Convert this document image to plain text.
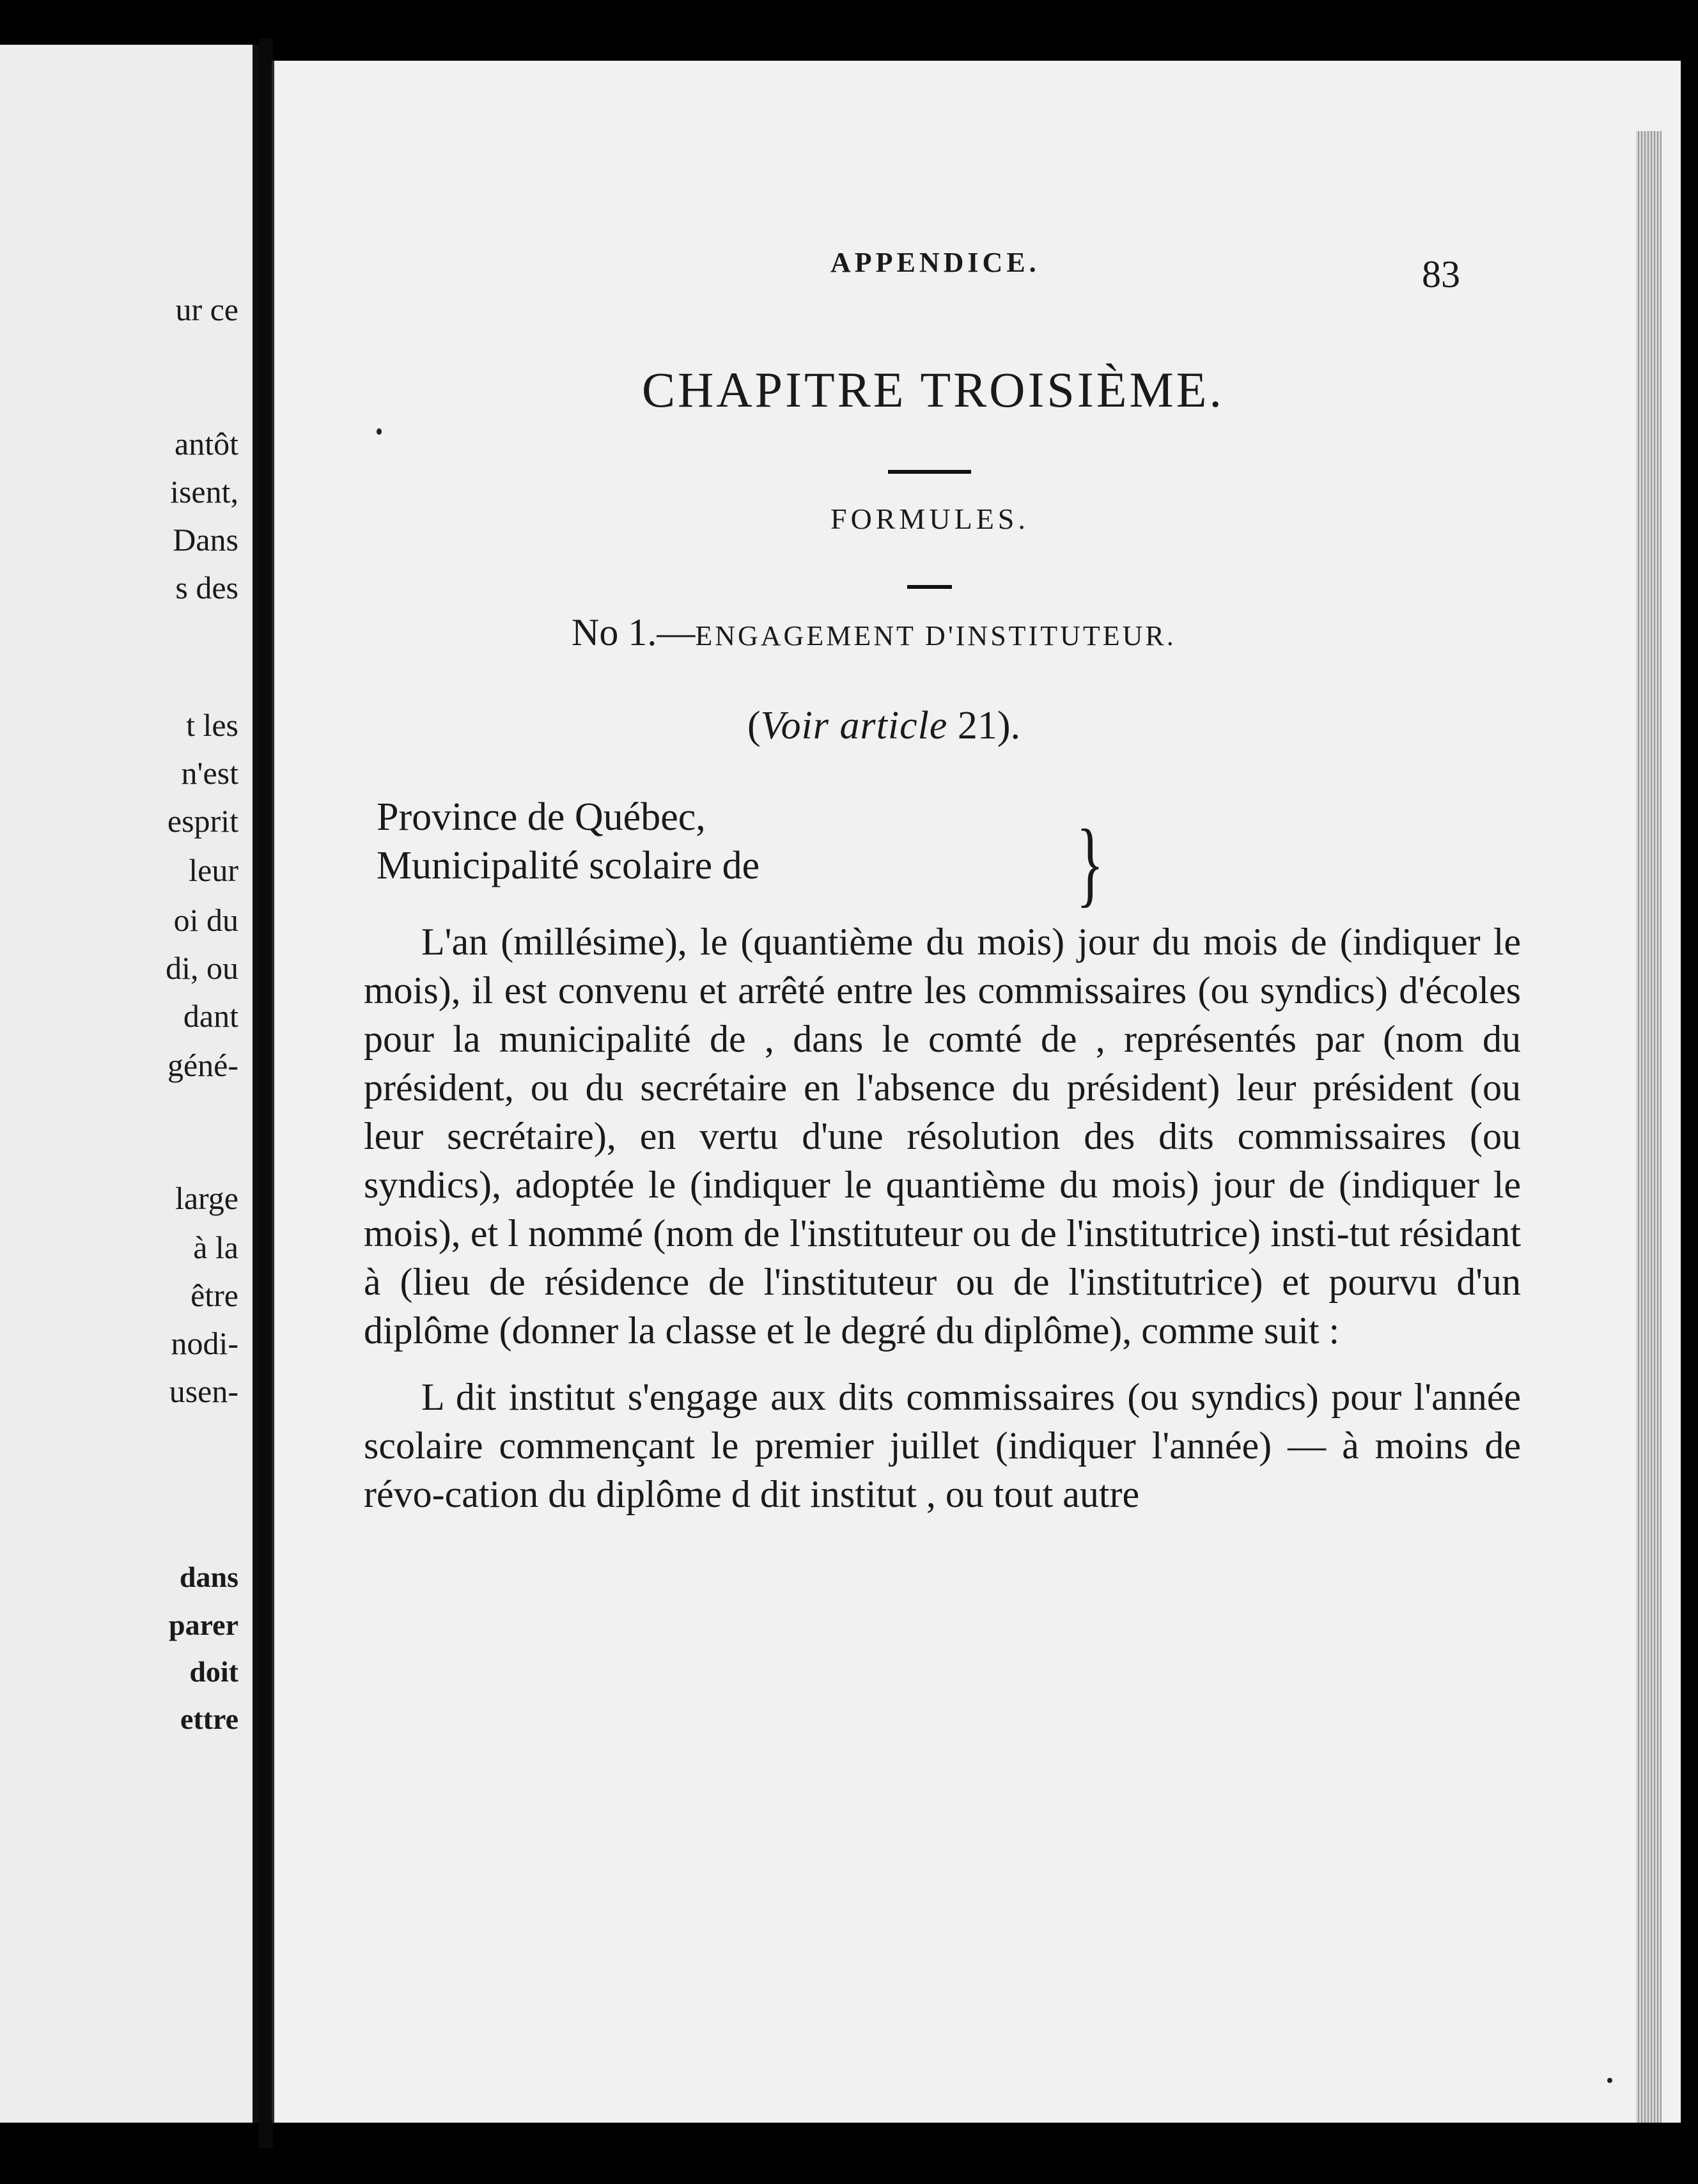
ur ce
antôt
isent,
Dans
s des
t les
n'est
esprit
leur
oi du
di, ou
dant
géné-
large
à la
être
nodi-
usen-
dans
parer
doit
ettre
APPENDICE.	83
CHAPITRE TROISIÈME.
FORMULES.
No 1.—ENGAGEMENT D'INSTITUTEUR.
(Voir article 21).
Province de Québec,
Municipalité scolaire de	}

L'an (millésime), le (quantième du mois) jour du mois de (indiquer le mois), il est convenu et arrêté entre les commissaires (ou syndics) d'écoles pour la municipalité de , dans le comté de , représentés par (nom du président, ou du secrétaire en l'absence du président) leur président (ou leur secrétaire), en vertu d'une résolution des dits commissaires (ou syndics), adoptée le (indiquer le quantième du mois) jour de (indiquer le mois), et l nommé (nom de l'instituteur ou de l'institutrice) insti-tut résidant à (lieu de résidence de l'instituteur ou de l'institutrice) et pourvu d'un diplôme (donner la classe et le degré du diplôme), comme suit :

L dit institut s'engage aux dits commissaires (ou syndics) pour l'année scolaire commençant le premier juillet (indiquer l'année) — à moins de révo-cation du diplôme d dit institut , ou tout autre
